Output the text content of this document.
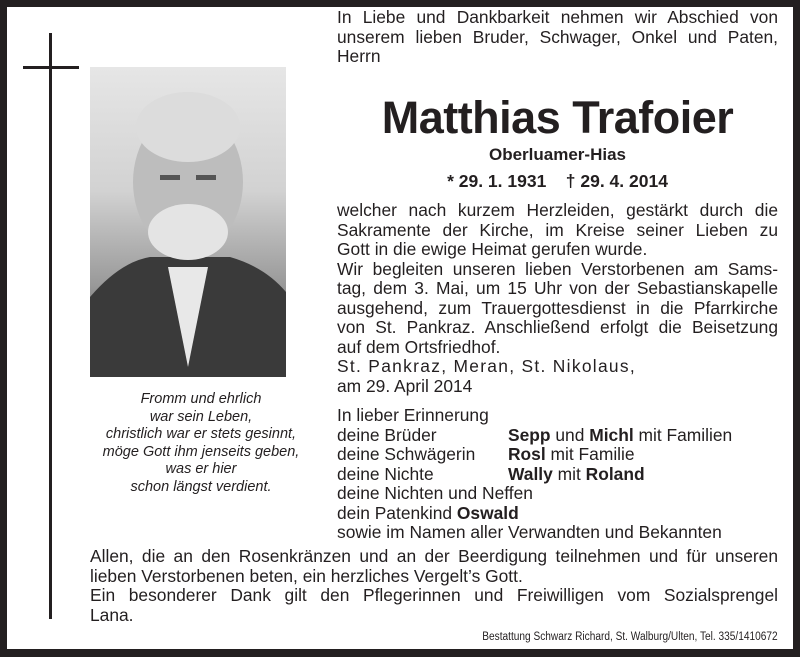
Fromm und ehrlich
war sein Leben,
christlich war er stets gesinnt,
möge Gott ihm jenseits geben,
was er hier
schon längst verdient.
In Liebe und Dankbarkeit nehmen wir Abschied von
unserem lieben Bruder, Schwager, Onkel und Paten,
Herrn
Matthias Trafoier
Oberluamer-Hias
* 29. 1. 1931    † 29. 4. 2014
welcher nach kurzem Herzleiden, gestärkt durch die
Sakramente der Kirche, im Kreise seiner Lieben zu
Gott in die ewige Heimat gerufen wurde.
Wir begleiten unseren lieben Verstorbenen am Sams-
tag, dem 3. Mai, um 15 Uhr von der Sebastianskapelle
ausgehend, zum Trauergottesdienst in die Pfarrkirche
von St. Pankraz. Anschließend erfolgt die Beisetzung
auf dem Ortsfriedhof.
St. Pankraz, Meran, St. Nikolaus,
am 29. April 2014
In lieber Erinnerung
deine Brüder	Sepp und Michl mit Familien
deine Schwägerin	Rosl mit Familie
deine Nichte	Wally mit Roland
deine Nichten und Neffen
dein Patenkind Oswald
sowie im Namen aller Verwandten und Bekannten
Allen, die an den Rosenkränzen und an der Beerdigung teilnehmen und für unseren
lieben Verstorbenen beten, ein herzliches Vergelt’s Gott.
Ein besonderer Dank gilt den Pflegerinnen und Freiwilligen vom Sozialsprengel
Lana.
Bestattung Schwarz Richard, St. Walburg/Ulten, Tel. 335/1410672
